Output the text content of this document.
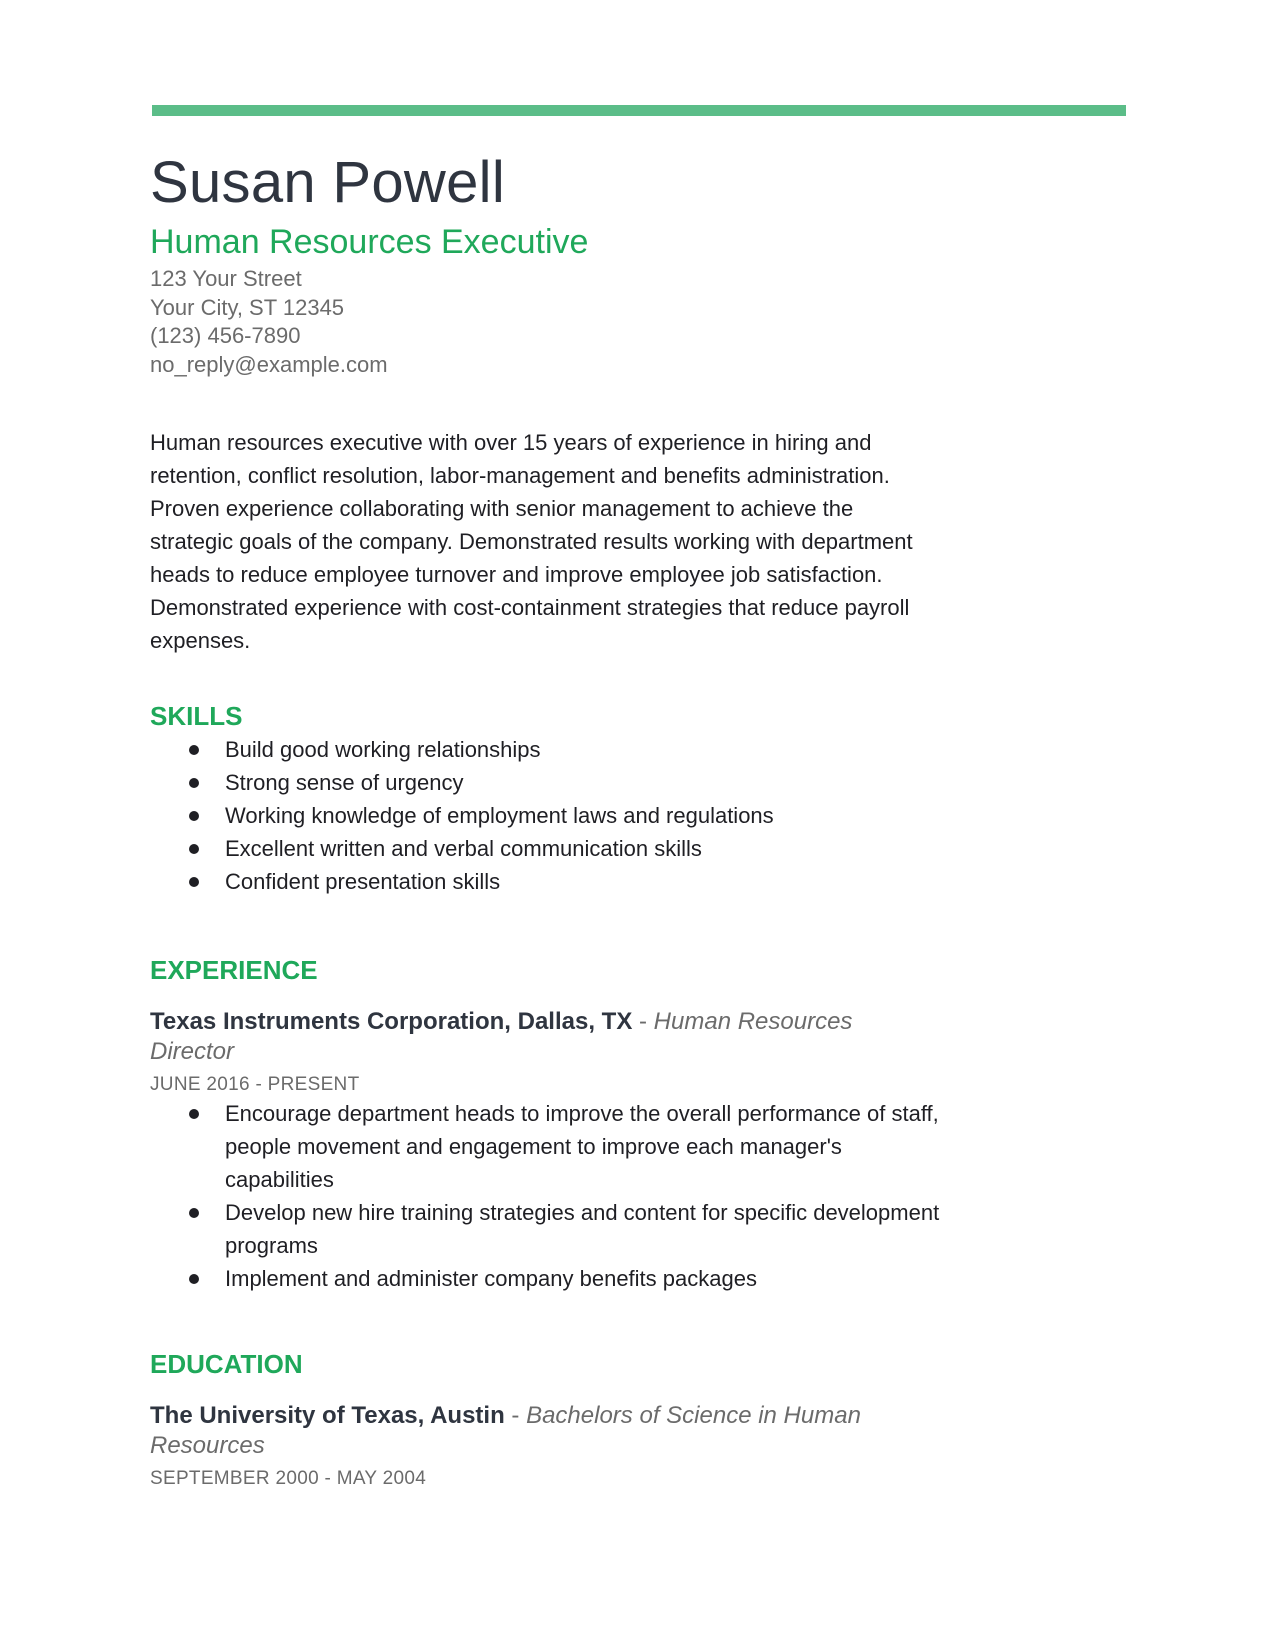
Susan Powell
Human Resources Executive
123 Your Street
Your City, ST 12345
(123) 456-7890
no_reply@example.com

Human resources executive with over 15 years of experience in hiring and retention, conflict resolution, labor-management and benefits administration. Proven experience collaborating with senior management to achieve the strategic goals of the company. Demonstrated results working with department heads to reduce employee turnover and improve employee job satisfaction. Demonstrated experience with cost-containment strategies that reduce payroll expenses.

SKILLS
Build good working relationships
Strong sense of urgency
Working knowledge of employment laws and regulations
Excellent written and verbal communication skills
Confident presentation skills
EXPERIENCE
Texas Instruments Corporation, Dallas, TX - Human Resources Director
JUNE 2016 - PRESENT
Encourage department heads to improve the overall performance of staff, people movement and engagement to improve each manager's capabilities
Develop new hire training strategies and content for specific development programs
Implement and administer company benefits packages
EDUCATION
The University of Texas, Austin - Bachelors of Science in Human Resources
SEPTEMBER 2000 - MAY 2004
